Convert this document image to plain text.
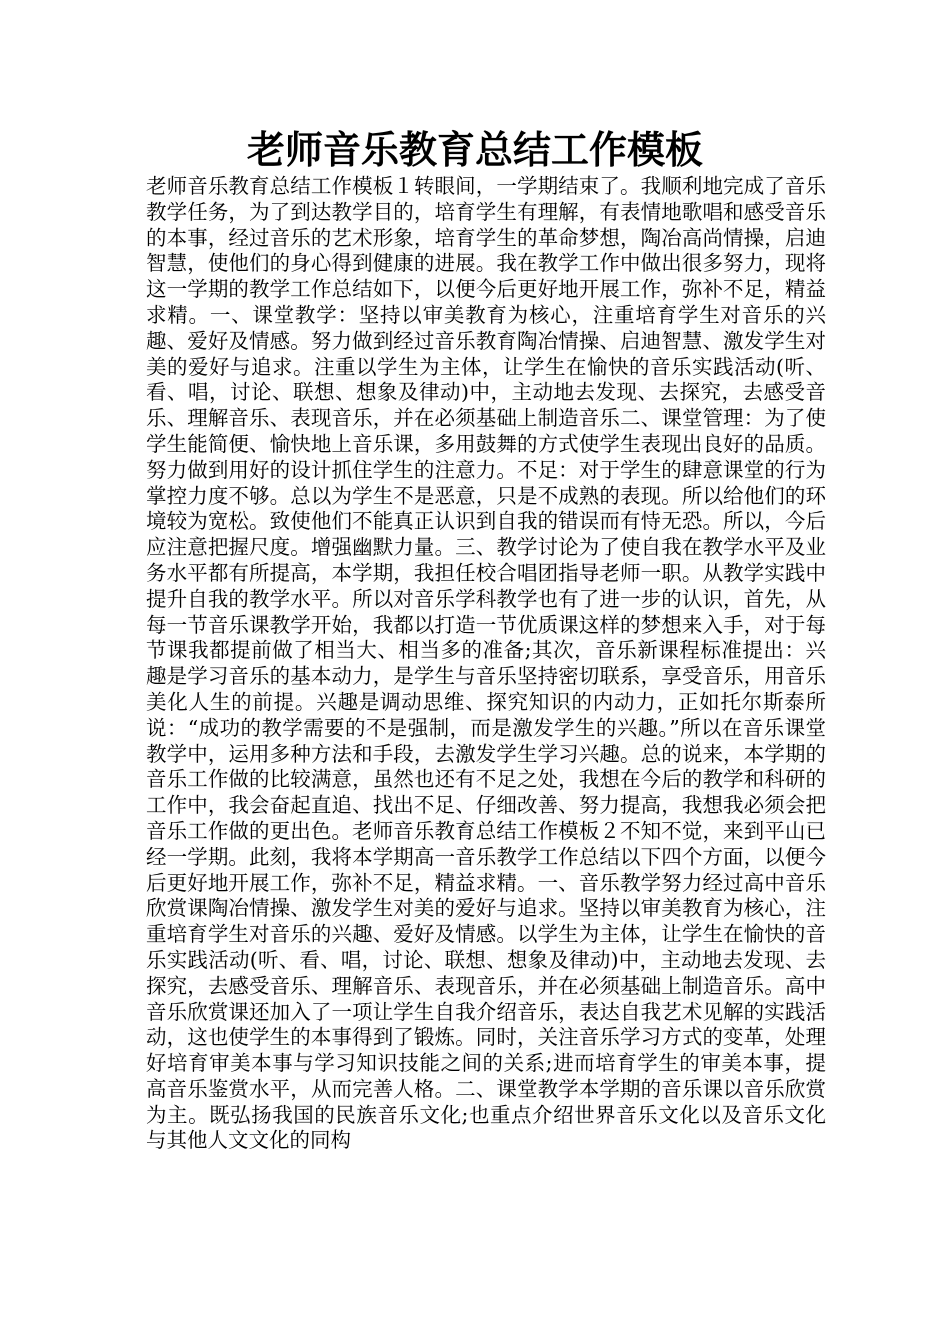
老师音乐教育总结工作模板

老师音乐教育总结工作模板１转眼间，一学期结束了。我顺利地完成了音乐教学任务，为了到达教学目的，培育学生有理解，有表情地歌唱和感受音乐的本事，经过音乐的艺术形象，培育学生的革命梦想，陶冶高尚情操，启迪智慧，使他们的身心得到健康的进展。我在教学工作中做出很多努力，现将这一学期的教学工作总结如下，以便今后更好地开展工作，弥补不足，精益求精。一、课堂教学：坚持以审美教育为核心，注重培育学生对音乐的兴趣、爱好及情感。努力做到经过音乐教育陶冶情操、启迪智慧、激发学生对美的爱好与追求。注重以学生为主体，让学生在愉快的音乐实践活动(听、看、唱，讨论、联想、想象及律动)中，主动地去发现、去探究，去感受音乐、理解音乐、表现音乐，并在必须基础上制造音乐二、课堂管理：为了使学生能简便、愉快地上音乐课，多用鼓舞的方式使学生表现出良好的品质。努力做到用好的设计抓住学生的注意力。不足：对于学生的肆意课堂的行为掌控力度不够。总以为学生不是恶意，只是不成熟的表现。所以给他们的环境较为宽松。致使他们不能真正认识到自我的错误而有恃无恐。所以，今后应注意把握尺度。增强幽默力量。三、教学讨论为了使自我在教学水平及业务水平都有所提高，本学期，我担任校合唱团指导老师一职。从教学实践中提升自我的教学水平。所以对音乐学科教学也有了进一步的认识，首先，从每一节音乐课教学开始，我都以打造一节优质课这样的梦想来入手，对于每节课我都提前做了相当大、相当多的准备;其次，音乐新课程标准提出：兴趣是学习音乐的基本动力，是学生与音乐坚持密切联系，享受音乐，用音乐美化人生的前提。兴趣是调动思维、探究知识的内动力，正如托尔斯泰所说：“成功的教学需要的不是强制，而是激发学生的兴趣。”所以在音乐课堂教学中，运用多种方法和手段，去激发学生学习兴趣。总的说来，本学期的音乐工作做的比较满意，虽然也还有不足之处，我想在今后的教学和科研的工作中，我会奋起直追、找出不足、仔细改善、努力提高，我想我必须会把音乐工作做的更出色。老师音乐教育总结工作模板２不知不觉，来到平山已经一学期。此刻，我将本学期高一音乐教学工作总结以下四个方面，以便今后更好地开展工作，弥补不足，精益求精。一、音乐教学努力经过高中音乐欣赏课陶冶情操、激发学生对美的爱好与追求。坚持以审美教育为核心，注重培育学生对音乐的兴趣、爱好及情感。以学生为主体，让学生在愉快的音乐实践活动(听、看、唱，讨论、联想、想象及律动)中，主动地去发现、去探究，去感受音乐、理解音乐、表现音乐，并在必须基础上制造音乐。高中音乐欣赏课还加入了一项让学生自我介绍音乐，表达自我艺术见解的实践活动，这也使学生的本事得到了锻炼。同时，关注音乐学习方式的变革，处理好培育审美本事与学习知识技能之间的关系;进而培育学生的审美本事，提高音乐鉴赏水平，从而完善人格。二、课堂教学本学期的音乐课以音乐欣赏为主。既弘扬我国的民族音乐文化;也重点介绍世界音乐文化以及音乐文化与其他人文文化的同构
